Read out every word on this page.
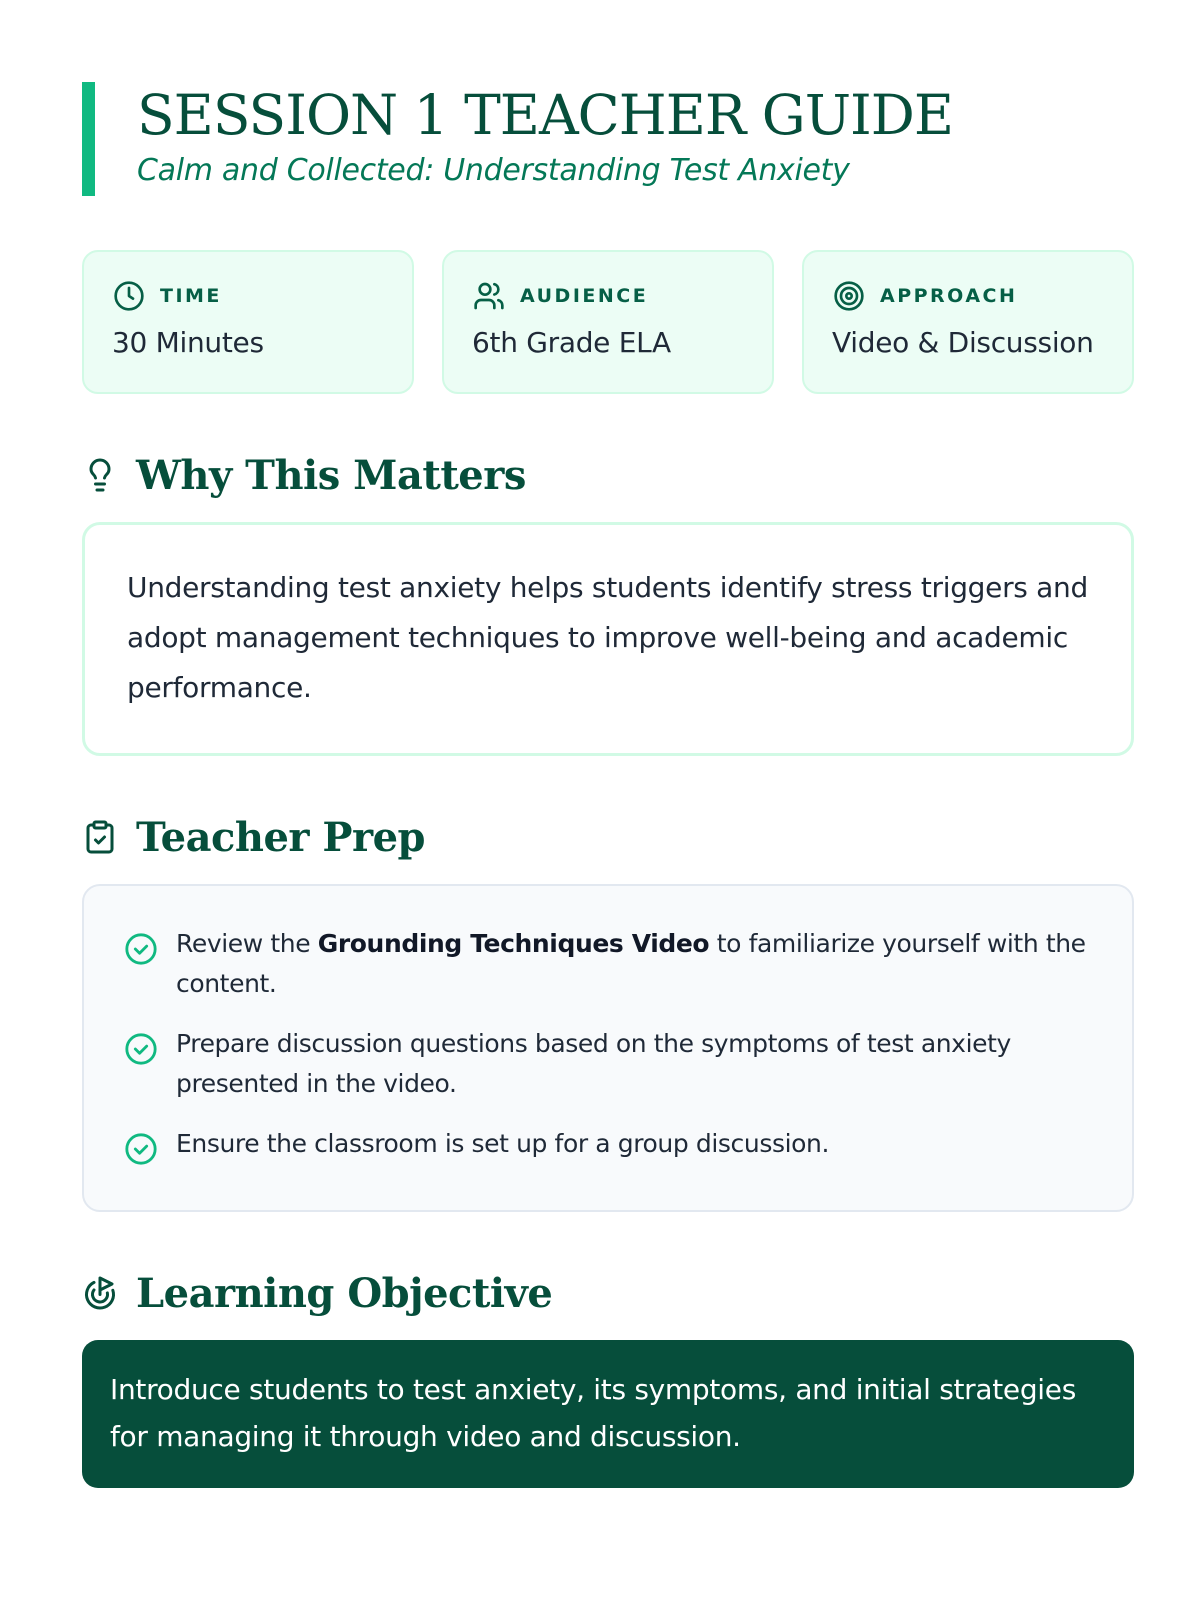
SESSION 1 TEACHER GUIDE
Calm and Collected: Understanding Test Anxiety
TIME
30 Minutes
AUDIENCE
6th Grade ELA
APPROACH
Video & Discussion
Why This Matters

Understanding test anxiety helps students identify stress triggers and adopt management techniques to improve well-being and academic performance.

Teacher Prep

Review the Grounding Techniques Video to familiarize yourself with the content.

Prepare discussion questions based on the symptoms of test anxiety presented in the video.

Ensure the classroom is set up for a group discussion.

Learning Objective

Introduce students to test anxiety, its symptoms, and initial strategies for managing it through video and discussion.
